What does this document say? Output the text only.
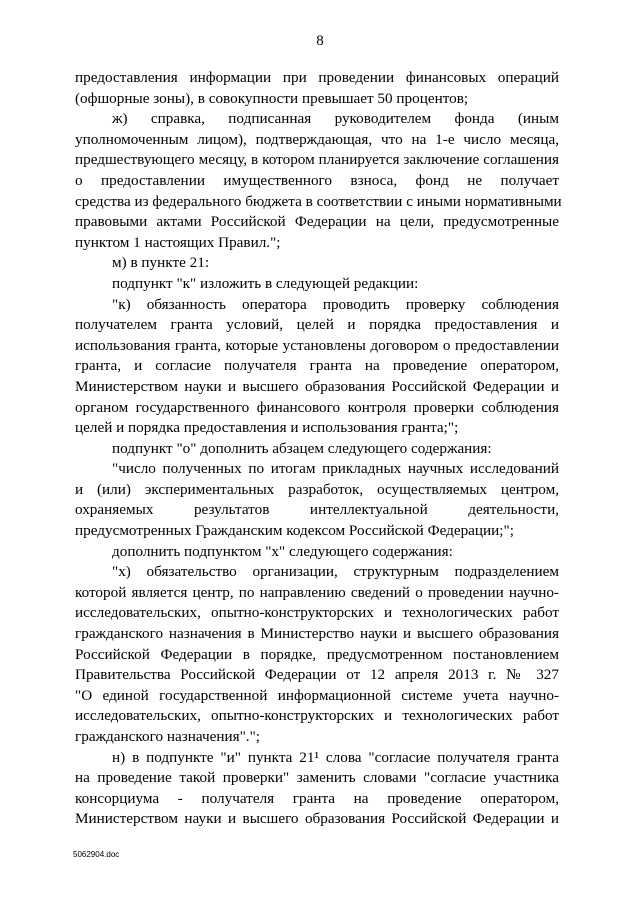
8
предоставления информации при проведении финансовых операций
(офшорные зоны), в совокупности превышает 50 процентов;
ж) справка, подписанная руководителем фонда (иным
уполномоченным лицом), подтверждающая, что на 1-е число месяца,
предшествующего месяцу, в котором планируется заключение соглашения
о предоставлении имущественного взноса, фонд не получает
средства из федерального бюджета в соответствии с иными нормативными
правовыми актами Российской Федерации на цели, предусмотренные
пунктом 1 настоящих Правил.";
м) в пункте 21:
подпункт "к" изложить в следующей редакции:
"к) обязанность оператора проводить проверку соблюдения
получателем гранта условий, целей и порядка предоставления и
использования гранта, которые установлены договором о предоставлении
гранта, и согласие получателя гранта на проведение оператором,
Министерством науки и высшего образования Российской Федерации и
органом государственного финансового контроля проверки соблюдения
целей и порядка предоставления и использования гранта;";
подпункт "о" дополнить абзацем следующего содержания:
"число полученных по итогам прикладных научных исследований
и (или) экспериментальных разработок, осуществляемых центром,
охраняемых результатов интеллектуальной деятельности,
предусмотренных Гражданским кодексом Российской Федерации;";
дополнить подпунктом "х" следующего содержания:
"х) обязательство организации, структурным подразделением
которой является центр, по направлению сведений о проведении научно-
исследовательских, опытно-конструкторских и технологических работ
гражданского назначения в Министерство науки и высшего образования
Российской Федерации в порядке, предусмотренном постановлением
Правительства Российской Федерации от 12 апреля 2013 г. № 327
"О единой государственной информационной системе учета научно-
исследовательских, опытно-конструкторских и технологических работ
гражданского назначения".";
н) в подпункте "и" пункта 21¹ слова "согласие получателя гранта
на проведение такой проверки" заменить словами "согласие участника
консорциума - получателя гранта на проведение оператором,
Министерством науки и высшего образования Российской Федерации и
5062904.doc
